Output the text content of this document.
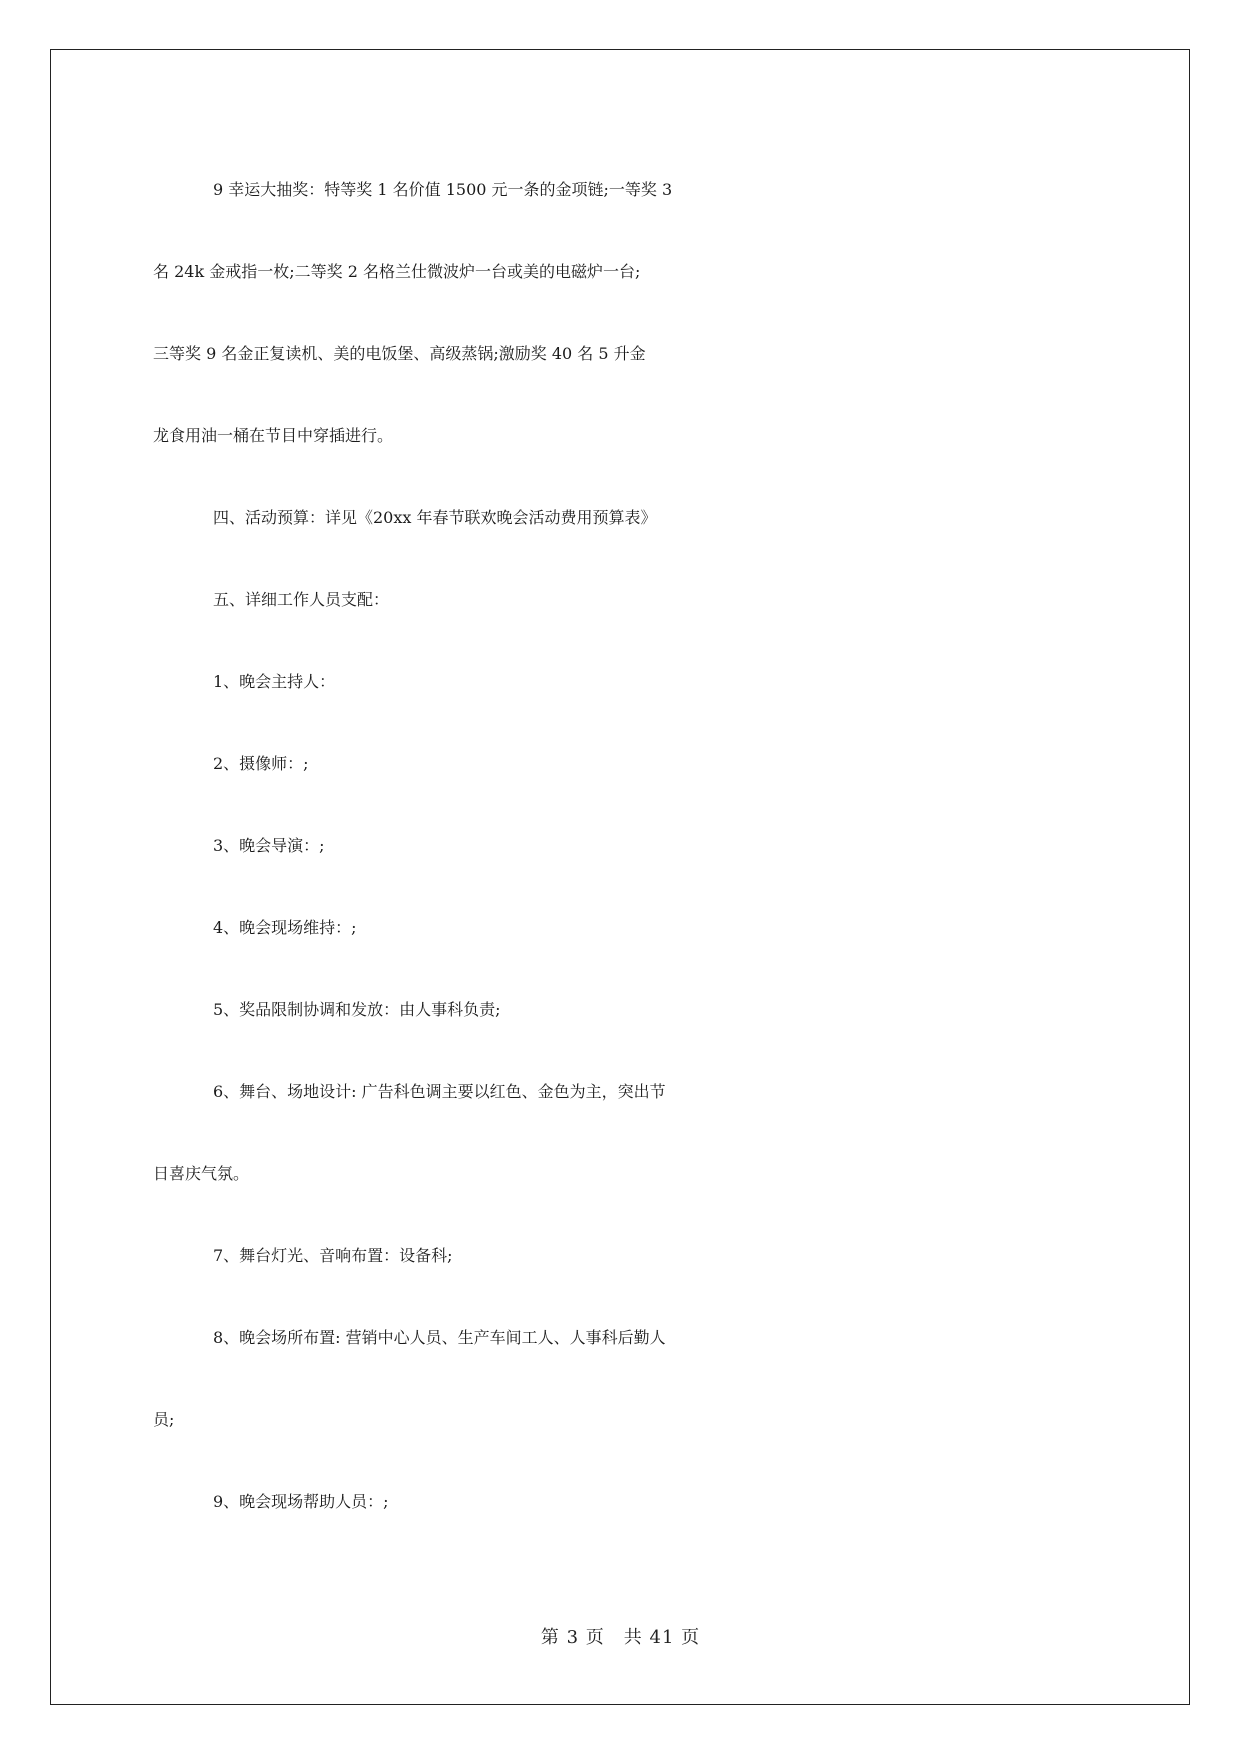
9 幸运大抽奖：特等奖 1 名价值 1500 元一条的金项链;一等奖 3
名 24k 金戒指一枚;二等奖 2 名格兰仕微波炉一台或美的电磁炉一台;
三等奖 9 名金正复读机、美的电饭堡、高级蒸锅;激励奖 40 名 5 升金
龙食用油一桶在节目中穿插进行。
四、活动预算：详见《20xx 年春节联欢晚会活动费用预算表》
五、详细工作人员支配：
1、晚会主持人：
2、摄像师：;
3、晚会导演：;
4、晚会现场维持：;
5、奖品限制协调和发放：由人事科负责;
6、舞台、场地设计: 广告科色调主要以红色、金色为主，突出节
日喜庆气氛。
7、舞台灯光、音响布置：设备科;
8、晚会场所布置: 营销中心人员、生产车间工人、人事科后勤人
员;
9、晚会现场帮助人员：;
第 3 页　共 41 页
